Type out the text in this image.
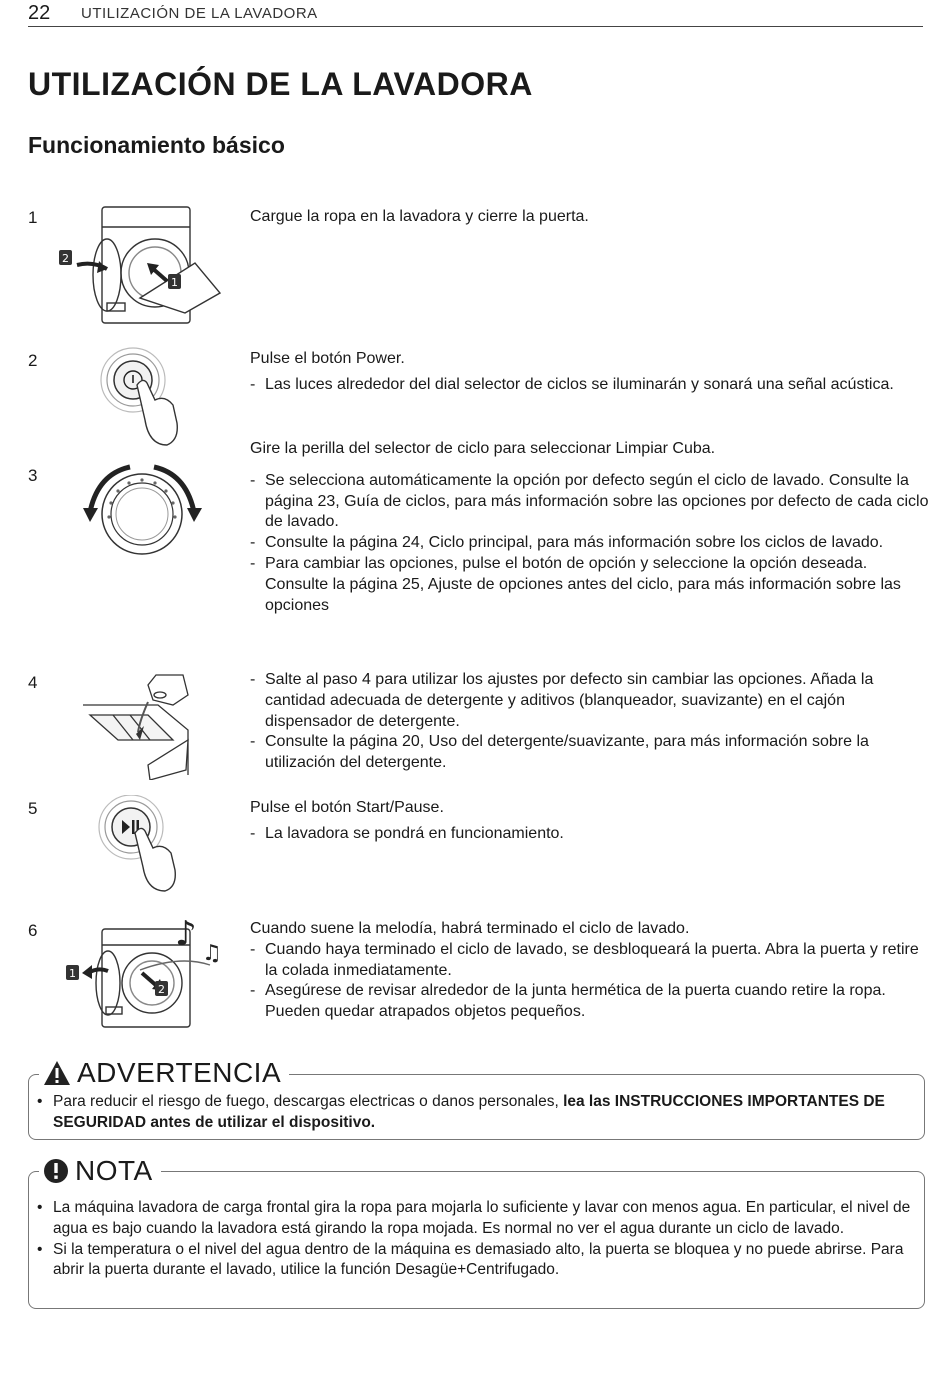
22 UTILIZACIÓN DE LA LAVADORA
UTILIZACIÓN DE LA LAVADORA
Funcionamiento básico
1
2
3
4
5
6
2
1
1
2
♪ ♫

Cargue la ropa en la lavadora y cierre la puerta.

Pulse el botón Power.

- Las luces alrededor del dial selector de ciclos se iluminarán y sonará una señal acústica.

Gire la perilla del selector de ciclo para seleccionar Limpiar Cuba.

- Se selecciona automáticamente la opción por defecto según el ciclo de lavado. Consulte la página 23, Guía de ciclos, para más información sobre las opciones por defecto de cada ciclo de lavado.

- Consulte la página 24, Ciclo principal, para más información sobre los ciclos de lavado.

- Para cambiar las opciones, pulse el botón de opción y seleccione la opción deseada. Consulte la página 25, Ajuste de opciones antes del ciclo, para más información sobre las opciones

- Salte al paso 4 para utilizar los ajustes por defecto sin cambiar las opciones. Añada la cantidad adecuada de detergente y aditivos (blanqueador, suavizante) en el cajón dispensador de detergente.

- Consulte la página 20, Uso del detergente/suavizante, para más información sobre la utilización del detergente.

Pulse el botón Start/Pause.

- La lavadora se pondrá en funcionamiento.

Cuando suene la melodía, habrá terminado el ciclo de lavado.

- Cuando haya terminado el ciclo de lavado, se desbloqueará la puerta. Abra la puerta y retire la colada inmediatamente.

- Asegúrese de revisar alrededor de la junta hermética de la puerta cuando retire la ropa. Pueden quedar atrapados objetos pequeños.

ADVERTENCIA

• Para reducir el riesgo de fuego, descargas electricas o danos personales, lea las INSTRUCCIONES IMPORTANTES DE SEGURIDAD antes de utilizar el dispositivo.

NOTA

• La máquina lavadora de carga frontal gira la ropa para mojarla lo suficiente y lavar con menos agua. En particular, el nivel de agua es bajo cuando la lavadora está girando la ropa mojada. Es normal no ver el agua durante un ciclo de lavado.

• Si la temperatura o el nivel del agua dentro de la máquina es demasiado alto, la puerta se bloquea y no puede abrirse. Para abrir la puerta durante el lavado, utilice la función Desagüe+Centrifugado.
